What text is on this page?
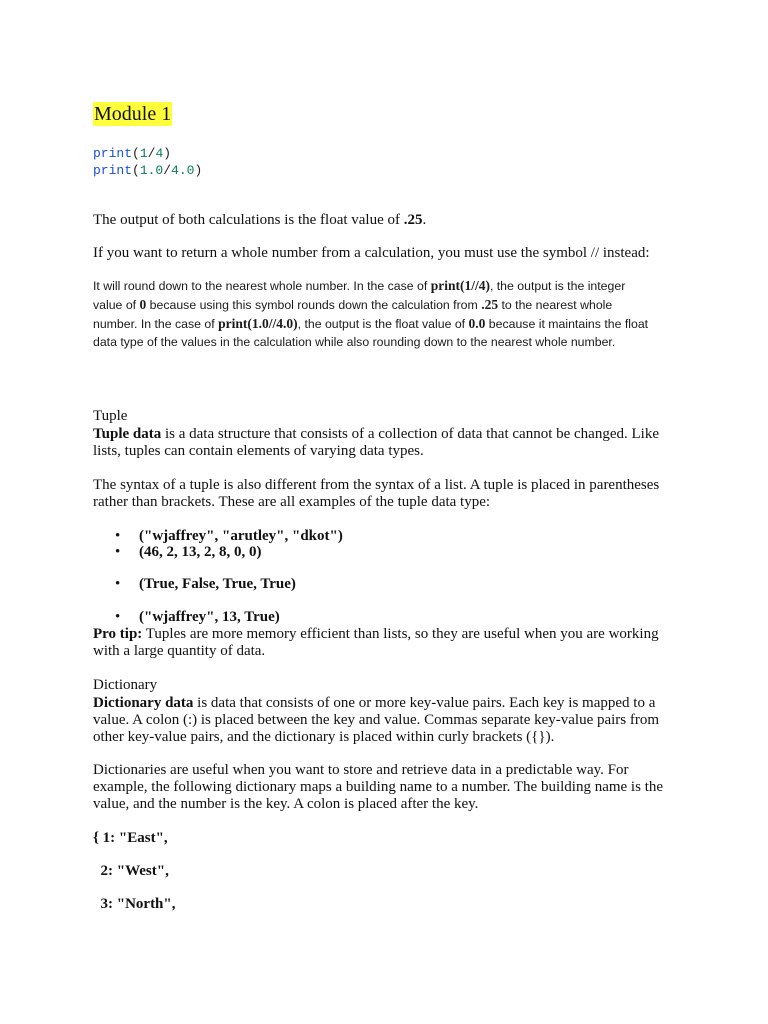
Module 1
print(1/4)
print(1.0/4.0)

The output of both calculations is the float value of .25.

If you want to return a whole number from a calculation, you must use the symbol // instead:

It will round down to the nearest whole number. In the case of print(1//4), the output is the integer value of 0 because using this symbol rounds down the calculation from .25 to the nearest whole number. In the case of print(1.0//4.0), the output is the float value of 0.0 because it maintains the float data type of the values in the calculation while also rounding down to the nearest whole number.

Tuple

Tuple data is a data structure that consists of a collection of data that cannot be changed. Like lists, tuples can contain elements of varying data types.

The syntax of a tuple is also different from the syntax of a list. A tuple is placed in parentheses rather than brackets. These are all examples of the tuple data type:

• ("wjaffrey", "arutley", "dkot")
• (46, 2, 13, 2, 8, 0, 0)
• (True, False, True, True)
• ("wjaffrey", 13, True)

Pro tip: Tuples are more memory efficient than lists, so they are useful when you are working with a large quantity of data.

Dictionary

Dictionary data is data that consists of one or more key-value pairs. Each key is mapped to a value. A colon (:) is placed between the key and value. Commas separate key-value pairs from other key-value pairs, and the dictionary is placed within curly brackets ({}).

Dictionaries are useful when you want to store and retrieve data in a predictable way. For example, the following dictionary maps a building name to a number. The building name is the value, and the number is the key. A colon is placed after the key.

{ 1: "East",
2: "West",
3: "North",
